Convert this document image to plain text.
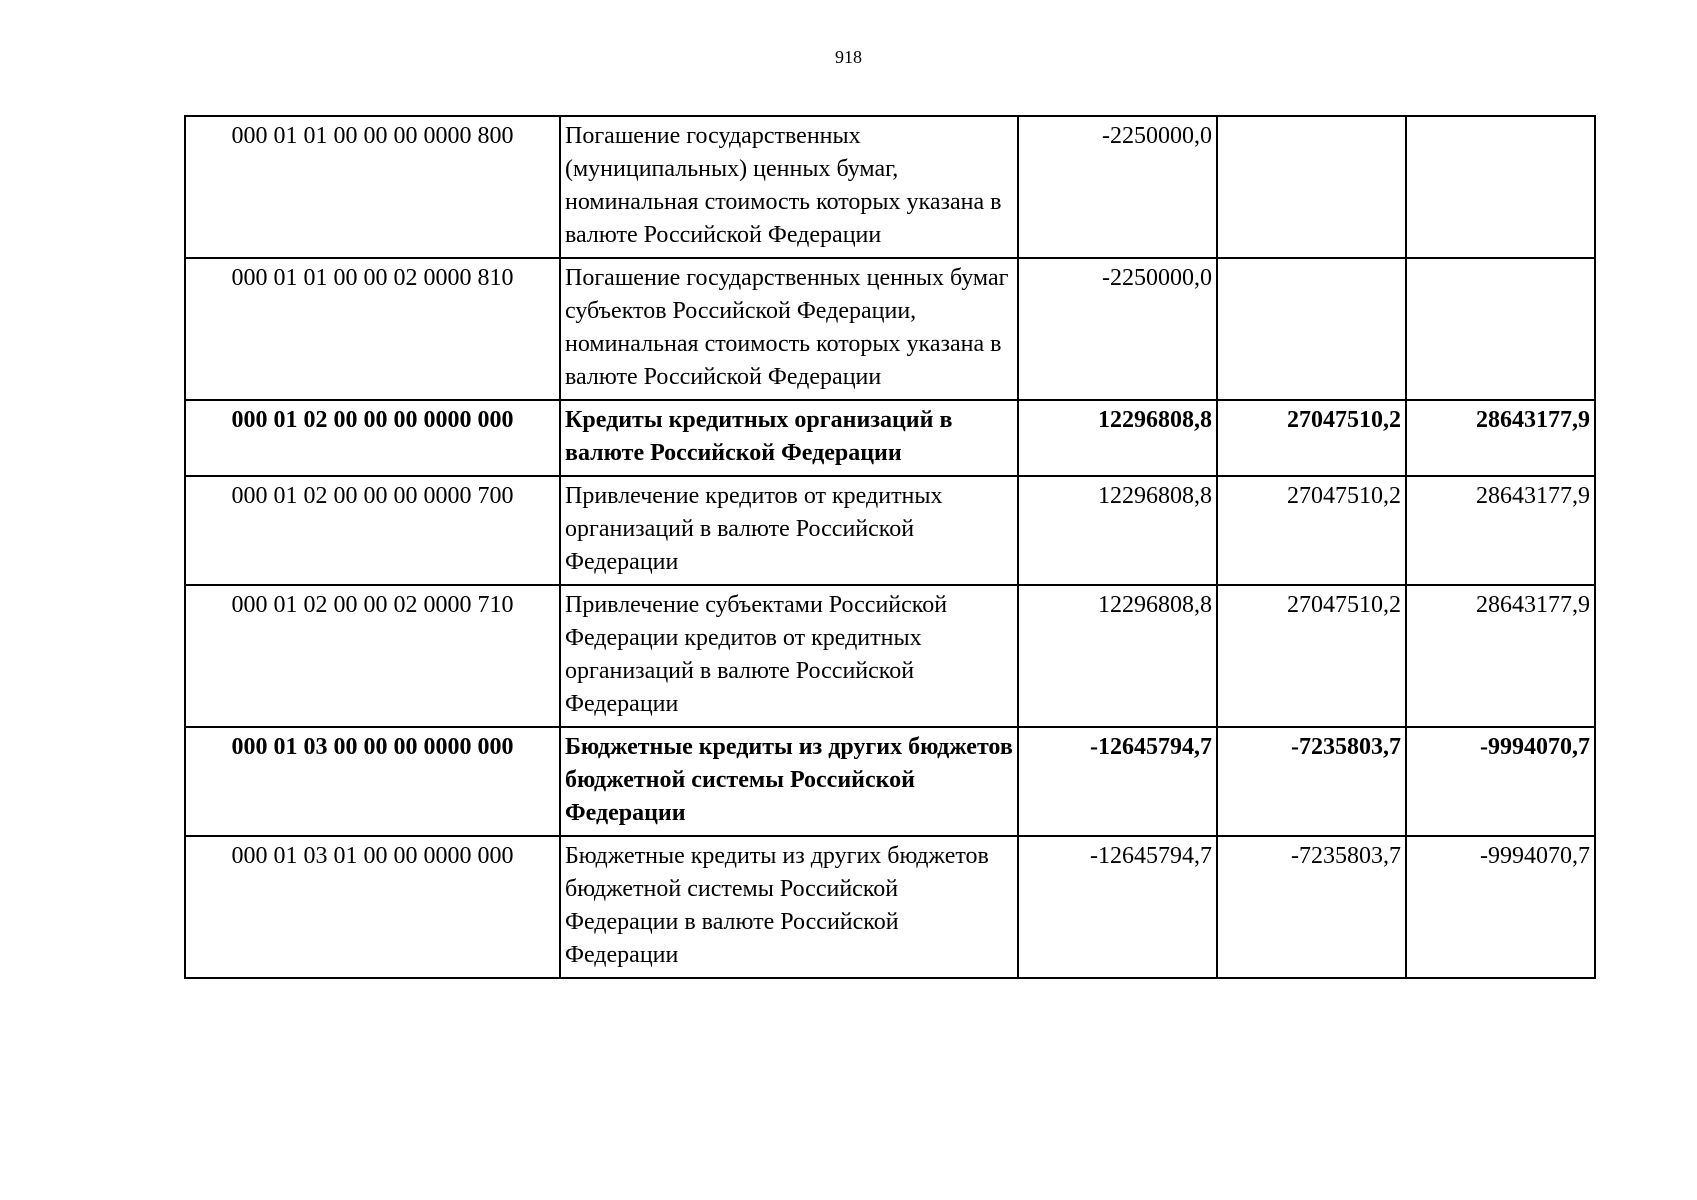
918
000 01 01 00 00 00 0000 800	Погашение государственных (муниципальных) ценных бумаг, номинальная стоимость которых указана в валюте Российской Федерации	-2250000,0		
000 01 01 00 00 02 0000 810	Погашение государственных ценных бумаг субъектов Российской Федерации, номинальная стоимость которых указана в валюте Российской Федерации	-2250000,0		
000 01 02 00 00 00 0000 000	Кредиты кредитных организаций в валюте Российской Федерации	12296808,8	27047510,2	28643177,9
000 01 02 00 00 00 0000 700	Привлечение кредитов от кредитных организаций в валюте Российской Федерации	12296808,8	27047510,2	28643177,9
000 01 02 00 00 02 0000 710	Привлечение субъектами Российской Федерации кредитов от кредитных организаций в валюте Российской Федерации	12296808,8	27047510,2	28643177,9
000 01 03 00 00 00 0000 000	Бюджетные кредиты из других бюджетов бюджетной системы Российской Федерации	-12645794,7	-7235803,7	-9994070,7
000 01 03 01 00 00 0000 000	Бюджетные кредиты из других бюджетов бюджетной системы Российской Федерации в валюте Российской Федерации	-12645794,7	-7235803,7	-9994070,7
